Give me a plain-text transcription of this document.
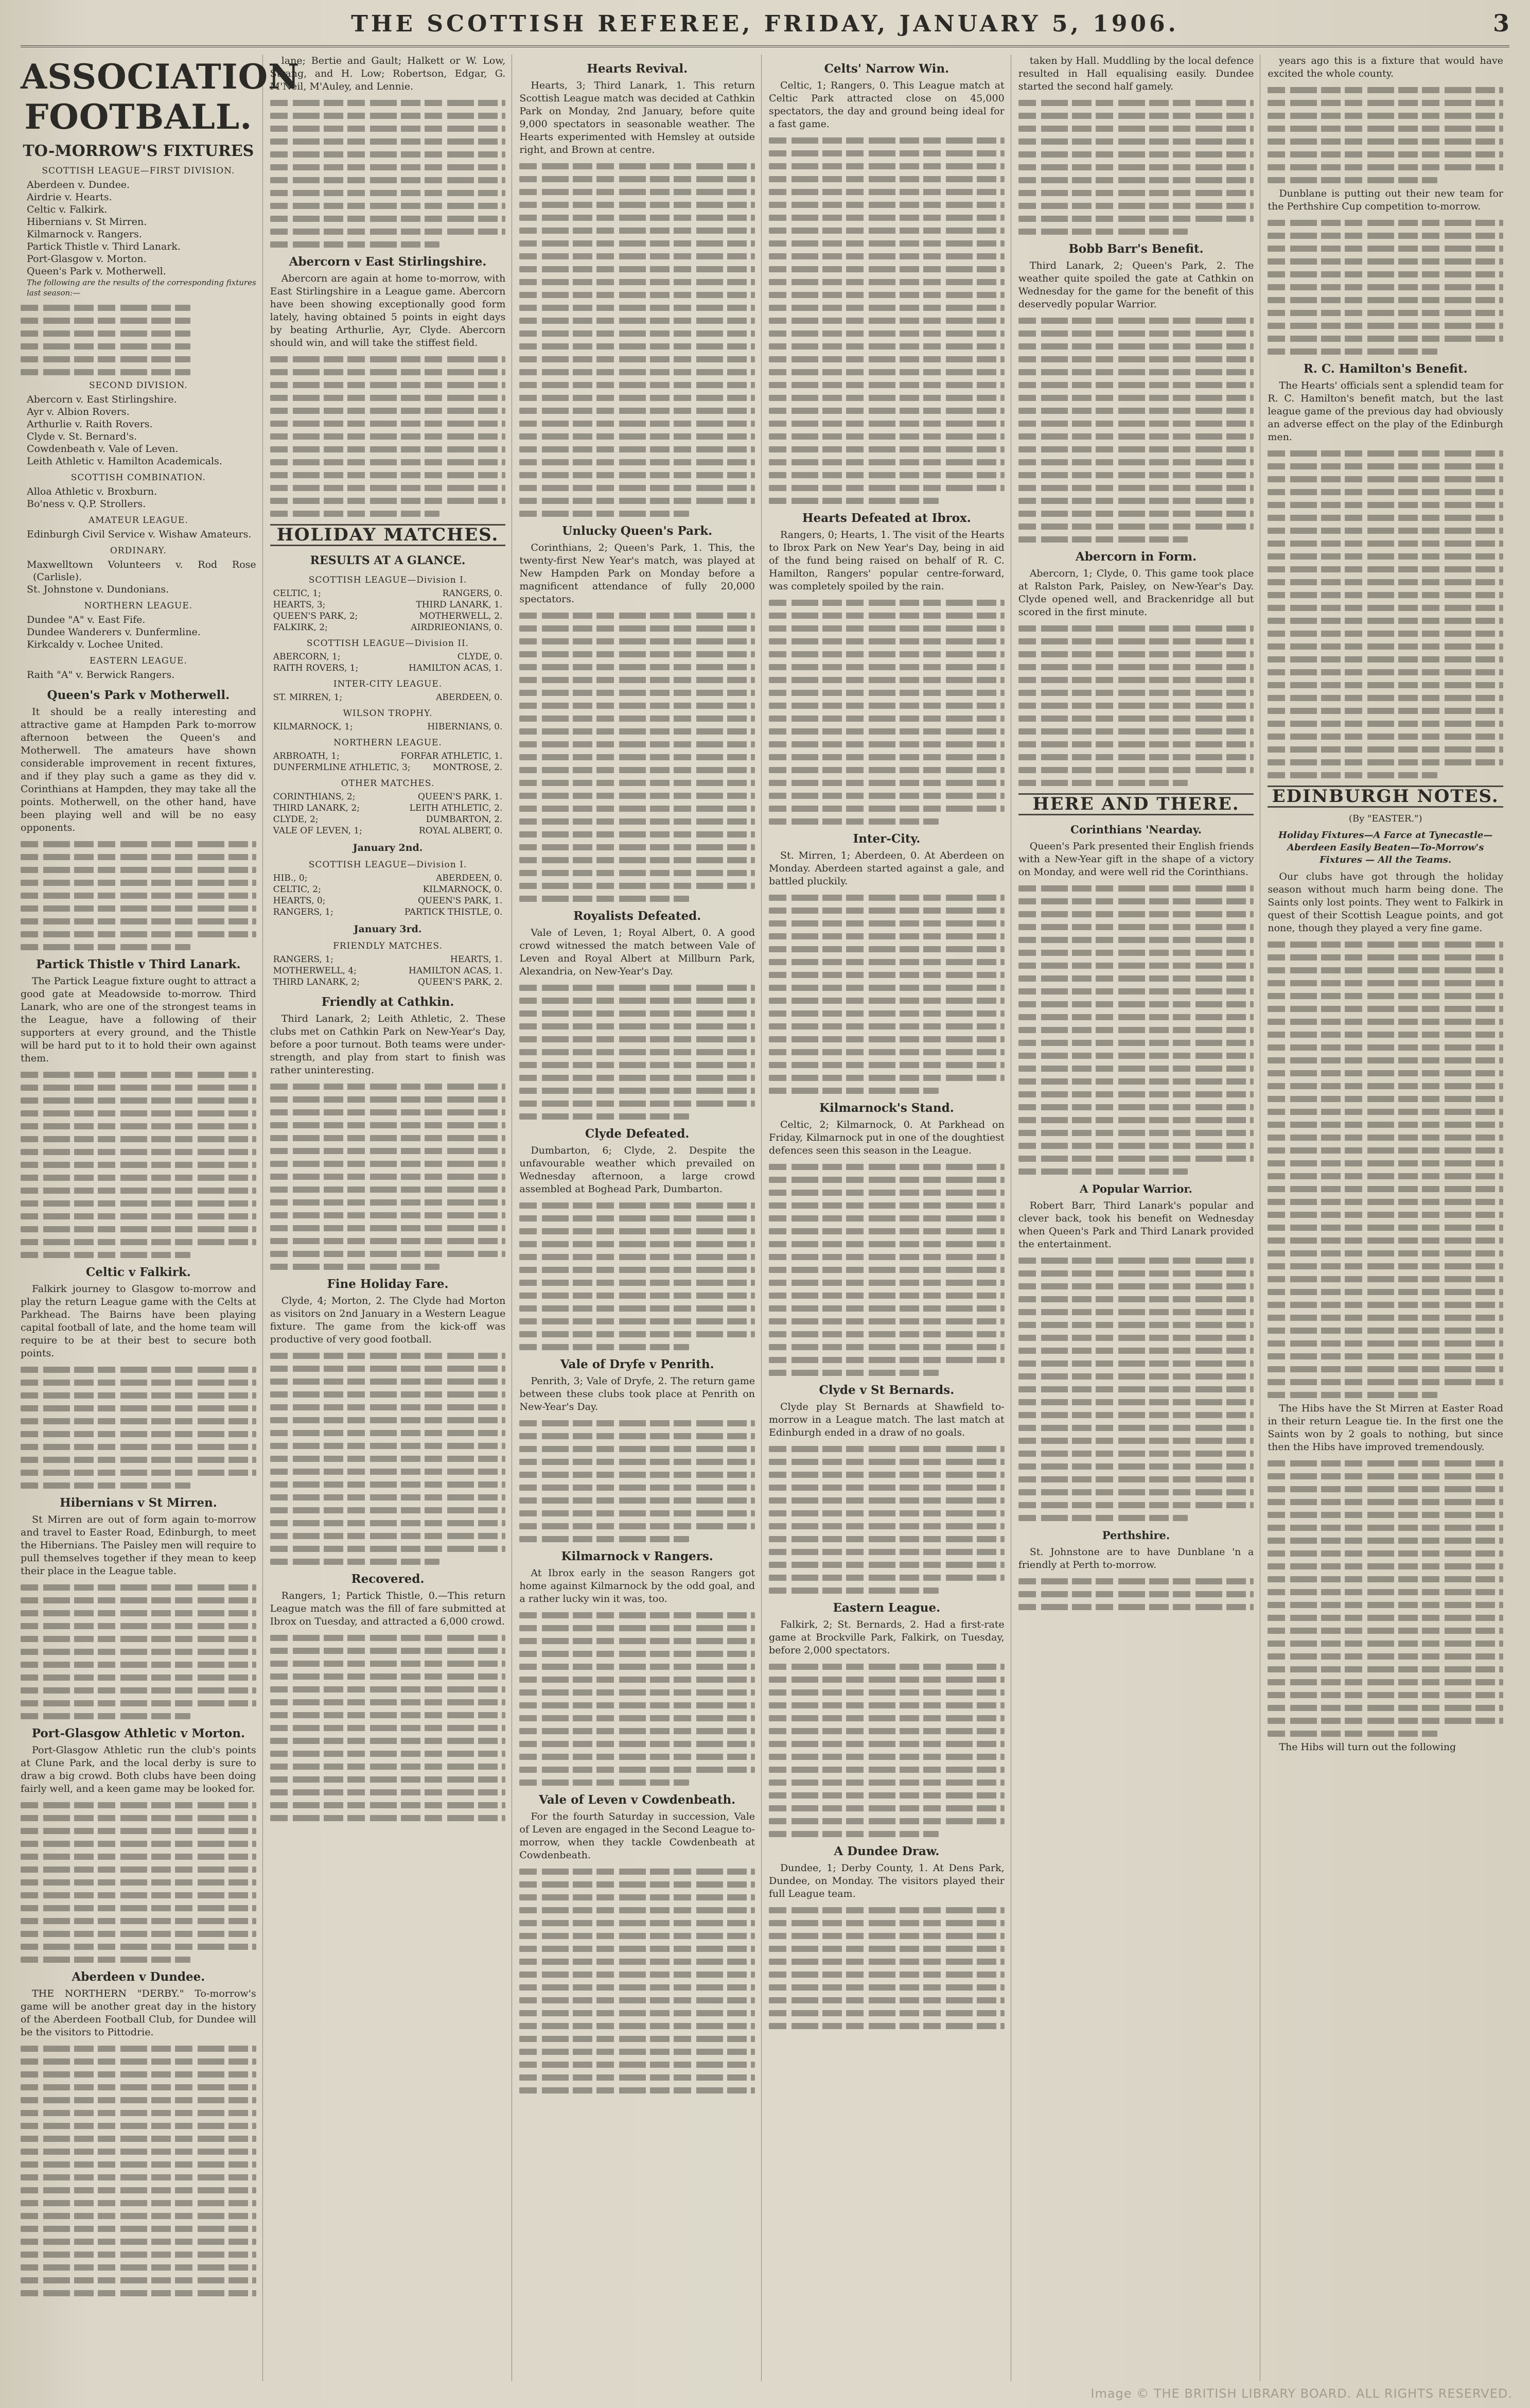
THE SCOTTISH REFEREE, FRIDAY, JANUARY 5, 1906.	3
ASSOCIATION FOOTBALL.
TO-MORROW'S FIXTURES
SCOTTISH LEAGUE—FIRST DIVISION.
Aberdeen v. Dundee.
Airdrie v. Hearts.
Celtic v. Falkirk.
Hibernians v. St Mirren.
Kilmarnock v. Rangers.
Partick Thistle v. Third Lanark.
Port-Glasgow v. Morton.
Queen's Park v. Motherwell.
The following are the results of the corresponding fixtures last season:—
SECOND DIVISION.
Abercorn v. East Stirlingshire.
Ayr v. Albion Rovers.
Arthurlie v. Raith Rovers.
Clyde v. St. Bernard's.
Cowdenbeath v. Vale of Leven.
Leith Athletic v. Hamilton Academicals.
SCOTTISH COMBINATION.
Alloa Athletic v. Broxburn.
Bo'ness v. Q.P. Strollers.
AMATEUR LEAGUE.
Edinburgh Civil Service v. Wishaw Amateurs.
ORDINARY.
Maxwelltown Volunteers v. Rod Rose (Carlisle).
St. Johnstone v. Dundonians.
NORTHERN LEAGUE.
Dundee "A" v. East Fife.
Dundee Wanderers v. Dunfermline.
Kirkcaldy v. Lochee United.
EASTERN LEAGUE.
Raith "A" v. Berwick Rangers.
Queen's Park v Motherwell.

It should be a really interesting and attractive game at Hampden Park to-morrow afternoon between the Queen's and Motherwell. The amateurs have shown considerable improvement in recent fixtures, and if they play such a game as they did v. Corinthians at Hampden, they may take all the points. Motherwell, on the other hand, have been playing well and will be no easy opponents.

Partick Thistle v Third Lanark.

The Partick League fixture ought to attract a good gate at Meadowside to-morrow. Third Lanark, who are one of the strongest teams in the League, have a following of their supporters at every ground, and the Thistle will be hard put to it to hold their own against them.

Celtic v Falkirk.

Falkirk journey to Glasgow to-morrow and play the return League game with the Celts at Parkhead. The Bairns have been playing capital football of late, and the home team will require to be at their best to secure both points.

Hibernians v St Mirren.

St Mirren are out of form again to-morrow and travel to Easter Road, Edinburgh, to meet the Hibernians. The Paisley men will require to pull themselves together if they mean to keep their place in the League table.

Port-Glasgow Athletic v Morton.

Port-Glasgow Athletic run the club's points at Clune Park, and the local derby is sure to draw a big crowd. Both clubs have been doing fairly well, and a keen game may be looked for.

Aberdeen v Dundee.

THE NORTHERN "DERBY." To-morrow's game will be another great day in the history of the Aberdeen Football Club, for Dundee will be the visitors to Pittodrie.

lane; Bertie and Gault; Halkett or W. Low, Strang, and H. Low; Robertson, Edgar, G. M'Neil, M'Auley, and Lennie.

Abercorn v East Stirlingshire.

Abercorn are again at home to-morrow, with East Stirlingshire in a League game. Abercorn have been showing exceptionally good form lately, having obtained 5 points in eight days by beating Arthurlie, Ayr, Clyde. Abercorn should win, and will take the stiffest field.

HOLIDAY MATCHES.
RESULTS AT A GLANCE.
SCOTTISH LEAGUE—Division I.
CELTIC, 1;	RANGERS, 0.
HEARTS, 3;	THIRD LANARK, 1.
QUEEN'S PARK, 2;	MOTHERWELL, 2.
FALKIRK, 2;	AIRDRIEONIANS, 0.
SCOTTISH LEAGUE—Division II.
ABERCORN, 1;	CLYDE, 0.
RAITH ROVERS, 1;	HAMILTON ACAS, 1.
INTER-CITY LEAGUE.
ST. MIRREN, 1;	ABERDEEN, 0.
WILSON TROPHY.
KILMARNOCK, 1;	HIBERNIANS, 0.
NORTHERN LEAGUE.
ARBROATH, 1;	FORFAR ATHLETIC, 1.
DUNFERMLINE ATHLETIC, 3;	MONTROSE, 2.
OTHER MATCHES.
CORINTHIANS, 2;	QUEEN'S PARK, 1.
THIRD LANARK, 2;	LEITH ATHLETIC, 2.
CLYDE, 2;	DUMBARTON, 2.
VALE OF LEVEN, 1;	ROYAL ALBERT, 0.
January 2nd.
SCOTTISH LEAGUE—Division I.
HIB., 0;	ABERDEEN, 0.
CELTIC, 2;	KILMARNOCK, 0.
HEARTS, 0;	QUEEN'S PARK, 1.
RANGERS, 1;	PARTICK THISTLE, 0.
January 3rd.
FRIENDLY MATCHES.
RANGERS, 1;	HEARTS, 1.
MOTHERWELL, 4;	HAMILTON ACAS, 1.
THIRD LANARK, 2;	QUEEN'S PARK, 2.
Friendly at Cathkin.

Third Lanark, 2; Leith Athletic, 2. These clubs met on Cathkin Park on New-Year's Day, before a poor turnout. Both teams were under-strength, and play from start to finish was rather uninteresting.

Fine Holiday Fare.

Clyde, 4; Morton, 2. The Clyde had Morton as visitors on 2nd January in a Western League fixture. The game from the kick-off was productive of very good football.

Recovered.

Rangers, 1; Partick Thistle, 0.—This return League match was the fill of fare submitted at Ibrox on Tuesday, and attracted a 6,000 crowd.

Hearts Revival.

Hearts, 3; Third Lanark, 1. This return Scottish League match was decided at Cathkin Park on Monday, 2nd January, before quite 9,000 spectators in seasonable weather. The Hearts experimented with Hemsley at outside right, and Brown at centre.

Unlucky Queen's Park.

Corinthians, 2; Queen's Park, 1. This, the twenty-first New Year's match, was played at New Hampden Park on Monday before a magnificent attendance of fully 20,000 spectators.

Royalists Defeated.

Vale of Leven, 1; Royal Albert, 0. A good crowd witnessed the match between Vale of Leven and Royal Albert at Millburn Park, Alexandria, on New-Year's Day.

Clyde Defeated.

Dumbarton, 6; Clyde, 2. Despite the unfavourable weather which prevailed on Wednesday afternoon, a large crowd assembled at Boghead Park, Dumbarton.

Vale of Dryfe v Penrith.

Penrith, 3; Vale of Dryfe, 2. The return game between these clubs took place at Penrith on New-Year's Day.

Kilmarnock v Rangers.

At Ibrox early in the season Rangers got home against Kilmarnock by the odd goal, and a rather lucky win it was, too.

Vale of Leven v Cowdenbeath.

For the fourth Saturday in succession, Vale of Leven are engaged in the Second League to-morrow, when they tackle Cowdenbeath at Cowdenbeath.

Celts' Narrow Win.

Celtic, 1; Rangers, 0. This League match at Celtic Park attracted close on 45,000 spectators, the day and ground being ideal for a fast game.

Hearts Defeated at Ibrox.

Rangers, 0; Hearts, 1. The visit of the Hearts to Ibrox Park on New Year's Day, being in aid of the fund being raised on behalf of R. C. Hamilton, Rangers' popular centre-forward, was completely spoiled by the rain.

Inter-City.

St. Mirren, 1; Aberdeen, 0. At Aberdeen on Monday. Aberdeen started against a gale, and battled pluckily.

Kilmarnock's Stand.

Celtic, 2; Kilmarnock, 0. At Parkhead on Friday, Kilmarnock put in one of the doughtiest defences seen this season in the League.

Clyde v St Bernards.

Clyde play St Bernards at Shawfield to-morrow in a League match. The last match at Edinburgh ended in a draw of no goals.

Eastern League.

Falkirk, 2; St. Bernards, 2. Had a first-rate game at Brockville Park, Falkirk, on Tuesday, before 2,000 spectators.

A Dundee Draw.

Dundee, 1; Derby County, 1. At Dens Park, Dundee, on Monday. The visitors played their full League team.

taken by Hall. Muddling by the local defence resulted in Hall equalising easily. Dundee started the second half gamely.

Bobb Barr's Benefit.

Third Lanark, 2; Queen's Park, 2. The weather quite spoiled the gate at Cathkin on Wednesday for the game for the benefit of this deservedly popular Warrior.

Abercorn in Form.

Abercorn, 1; Clyde, 0. This game took place at Ralston Park, Paisley, on New-Year's Day. Clyde opened well, and Brackenridge all but scored in the first minute.

HERE AND THERE.
Corinthians 'Nearday.

Queen's Park presented their English friends with a New-Year gift in the shape of a victory on Monday, and were well rid the Corinthians.

A Popular Warrior.

Robert Barr, Third Lanark's popular and clever back, took his benefit on Wednesday when Queen's Park and Third Lanark provided the entertainment.

Perthshire.

St. Johnstone are to have Dunblane 'n a friendly at Perth to-morrow.

years ago this is a fixture that would have excited the whole county.

Dunblane is putting out their new team for the Perthshire Cup competition to-morrow.

R. C. Hamilton's Benefit.

The Hearts' officials sent a splendid team for R. C. Hamilton's benefit match, but the last league game of the previous day had obviously an adverse effect on the play of the Edinburgh men.

EDINBURGH NOTES.
(By "EASTER.")
Holiday Fixtures—A Farce at Tynecastle—Aberdeen Easily Beaten—To-Morrow's Fixtures — All the Teams.

Our clubs have got through the holiday season without much harm being done. The Saints only lost points. They went to Falkirk in quest of their Scottish League points, and got none, though they played a very fine game.

The Hibs have the St Mirren at Easter Road in their return League tie. In the first one the Saints won by 2 goals to nothing, but since then the Hibs have improved tremendously.

The Hibs will turn out the following

Image © THE BRITISH LIBRARY BOARD. ALL RIGHTS RESERVED.
